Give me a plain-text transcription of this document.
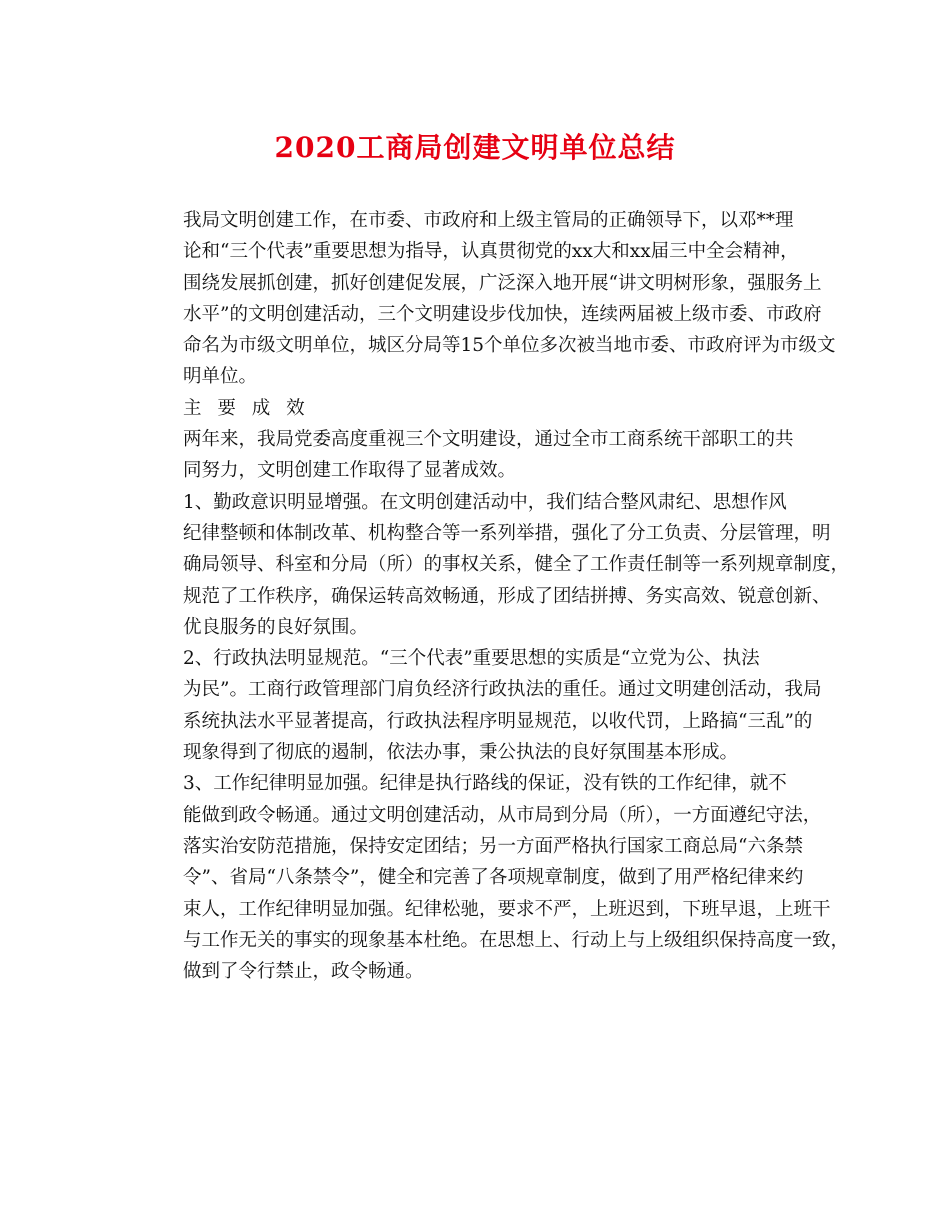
2020工商局创建文明单位总结

我局文明创建工作，在市委、市政府和上级主管局的正确领导下，以邓**理
论和“三个代表”重要思想为指导，认真贯彻党的xx大和xx届三中全会精神，
围绕发展抓创建，抓好创建促发展，广泛深入地开展“讲文明树形象，强服务上
水平”的文明创建活动，三个文明建设步伐加快，连续两届被上级市委、市政府
命名为市级文明单位，城区分局等15个单位多次被当地市委、市政府评为市级文
明单位。

主 要 成 效

两年来，我局党委高度重视三个文明建设，通过全市工商系统干部职工的共
同努力，文明创建工作取得了显著成效。

1、勤政意识明显增强。在文明创建活动中，我们结合整风肃纪、思想作风
纪律整顿和体制改革、机构整合等一系列举措，强化了分工负责、分层管理，明
确局领导、科室和分局（所）的事权关系，健全了工作责任制等一系列规章制度，
规范了工作秩序，确保运转高效畅通，形成了团结拼搏、务实高效、锐意创新、
优良服务的良好氛围。

2、行政执法明显规范。“三个代表”重要思想的实质是“立党为公、执法
为民”。工商行政管理部门肩负经济行政执法的重任。通过文明建创活动，我局
系统执法水平显著提高，行政执法程序明显规范，以收代罚，上路搞“三乱”的
现象得到了彻底的遏制，依法办事，秉公执法的良好氛围基本形成。

3、工作纪律明显加强。纪律是执行路线的保证，没有铁的工作纪律，就不
能做到政令畅通。通过文明创建活动，从市局到分局（所），一方面遵纪守法，
落实治安防范措施，保持安定团结；另一方面严格执行国家工商总局“六条禁
令”、省局“八条禁令”，健全和完善了各项规章制度，做到了用严格纪律来约
束人，工作纪律明显加强。纪律松驰，要求不严，上班迟到，下班早退，上班干
与工作无关的事实的现象基本杜绝。在思想上、行动上与上级组织保持高度一致，
做到了令行禁止，政令畅通。
